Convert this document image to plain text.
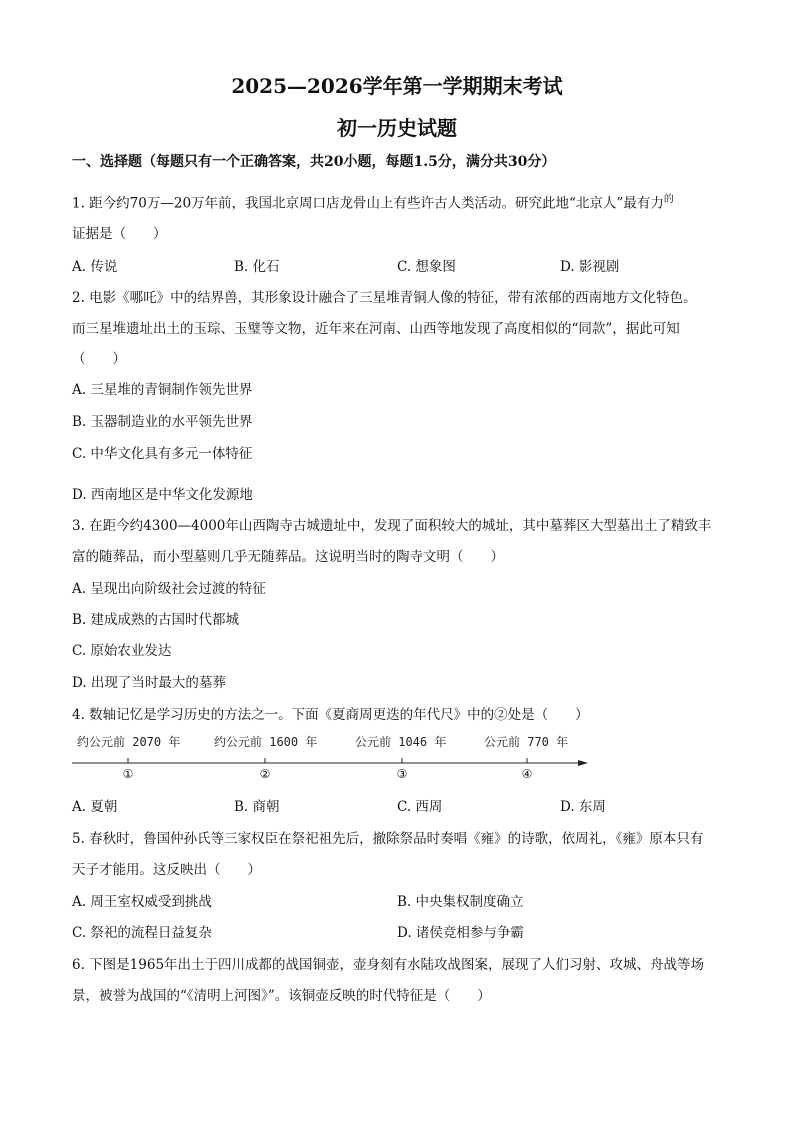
2025—2026学年第一学期期末考试
初一历史试题
一、选择题（每题只有一个正确答案，共20小题，每题1.5分，满分共30分）
1. 距今约70万—20万年前，我国北京周口店龙骨山上有些许古人类活动。研究此地“北京人”最有力$^的$
证据是（　　）
A. 传说	B. 化石	C. 想象图	D. 影视剧
2. 电影《哪吒》中的结界兽，其形象设计融合了三星堆青铜人像的特征，带有浓郁的西南地方文化特色。
而三星堆遗址出土的玉琮、玉璧等文物，近年来在河南、山西等地发现了高度相似的“同款”，据此可知
（　　）
A. 三星堆的青铜制作领先世界
B. 玉器制造业的水平领先世界
C. 中华文化具有多元一体特征
D. 西南地区是中华文化发源地
3. 在距今约4300—4000年山西陶寺古城遗址中，发现了面积较大的城址，其中墓葬区大型墓出土了精致丰
富的随葬品，而小型墓则几乎无随葬品。这说明当时的陶寺文明（　　）
A. 呈现出向阶级社会过渡的特征
B. 建成成熟的古国时代都城
C. 原始农业发达
D. 出现了当时最大的墓葬
4. 数轴记忆是学习历史的方法之一。下面《夏商周更迭的年代尺》中的②处是（　　）
约公元前 2070 年	约公元前 1600 年	公元前 1046 年	公元前 770 年
①	②	③	④
A. 夏朝	B. 商朝	C. 西周	D. 东周
5. 春秋时，鲁国仲孙氏等三家权臣在祭祀祖先后，撤除祭品时奏唱《雍》的诗歌，依周礼，《雍》原本只有
天子才能用。这反映出（　　）
A. 周王室权威受到挑战	B. 中央集权制度确立
C. 祭祀的流程日益复杂	D. 诸侯竞相参与争霸
6. 下图是1965年出土于四川成都的战国铜壶，壶身刻有水陆攻战图案，展现了人们习射、攻城、舟战等场
景，被誉为战国的“《清明上河图》”。该铜壶反映的时代特征是（　　）
